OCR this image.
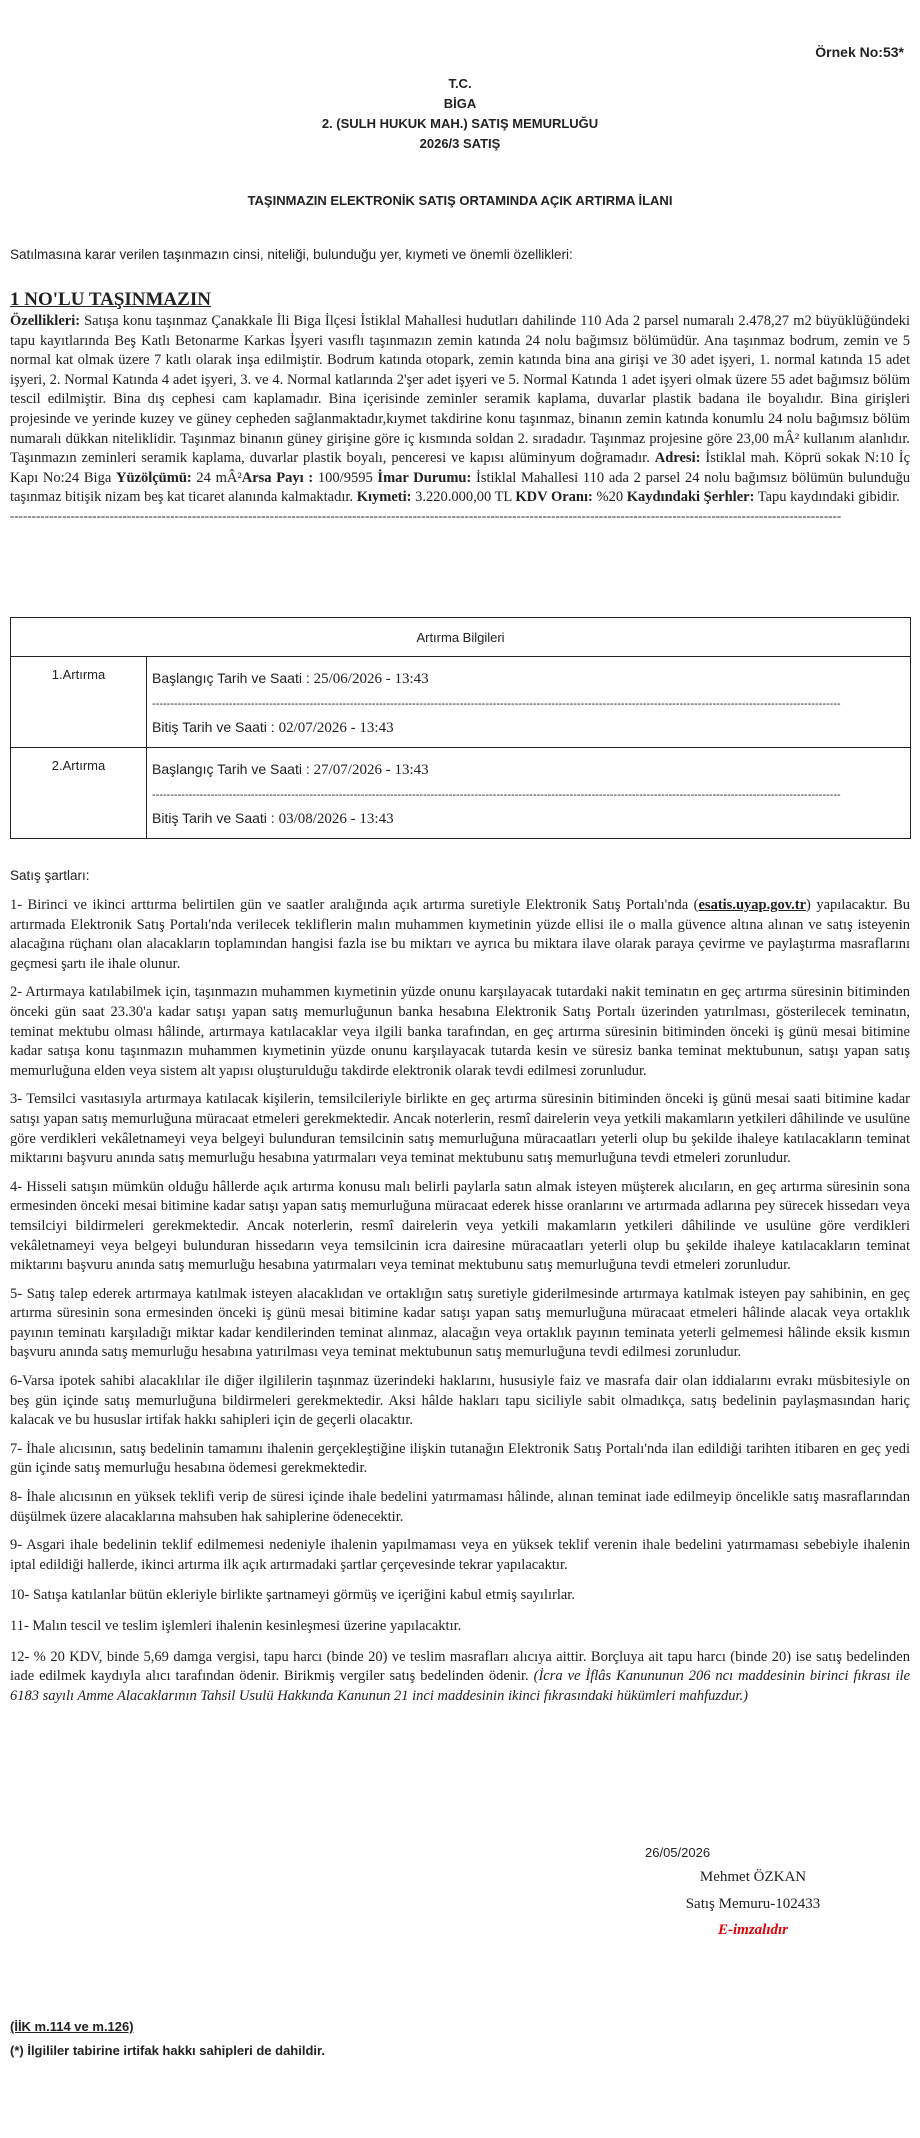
Örnek No:53*
T.C.
BİGA
2. (SULH HUKUK MAH.) SATIŞ MEMURLUĞU
2026/3 SATIŞ
TAŞINMAZIN ELEKTRONİK SATIŞ ORTAMINDA AÇIK ARTIRMA İLANI
Satılmasına karar verilen taşınmazın cinsi, niteliği, bulunduğu yer, kıymeti ve önemli özellikleri:
1 NO'LU TAŞINMAZIN

Özellikleri: Satışa konu taşınmaz Çanakkale İli Biga İlçesi İstiklal Mahallesi hudutları dahilinde 110 Ada 2 parsel numaralı 2.478,27 m2 büyüklüğündeki tapu kayıtlarında Beş Katlı Betonarme Karkas İşyeri vasıflı taşınmazın zemin katında 24 nolu bağımsız bölümüdür. Ana taşınmaz bodrum, zemin ve 5 normal kat olmak üzere 7 katlı olarak inşa edilmiştir. Bodrum katında otopark, zemin katında bina ana girişi ve 30 adet işyeri, 1. normal katında 15 adet işyeri, 2. Normal Katında 4 adet işyeri, 3. ve 4. Normal katlarında 2'şer adet işyeri ve 5. Normal Katında 1 adet işyeri olmak üzere 55 adet bağımsız bölüm tescil edilmiştir. Bina dış cephesi cam kaplamadır. Bina içerisinde zeminler seramik kaplama, duvarlar plastik badana ile boyalıdır. Bina girişleri projesinde ve yerinde kuzey ve güney cepheden sağlanmaktadır,kıymet takdirine konu taşınmaz, binanın zemin katında konumlu 24 nolu bağımsız bölüm numaralı dükkan niteliklidir. Taşınmaz binanın güney girişine göre iç kısmında soldan 2. sıradadır. Taşınmaz projesine göre 23,00 mÂ² kullanım alanlıdır. Taşınmazın zeminleri seramik kaplama, duvarlar plastik boyalı, penceresi ve kapısı alüminyum doğramadır. Adresi: İstiklal mah. Köprü sokak N:10 İç Kapı No:24 Biga Yüzölçümü: 24 mÂ²Arsa Payı : 100/9595 İmar Durumu: İstiklal Mahallesi 110 ada 2 parsel 24 nolu bağımsız bölümün bulunduğu taşınmaz bitişik nizam beş kat ticaret alanında kalmaktadır. Kıymeti: 3.220.000,00 TL KDV Oranı: %20 Kaydındaki Şerhler: Tapu kaydındaki gibidir.

------------------------------------------------------------------------------------------------------------------------------------------------------------------------------------------------
Artırma Bilgileri	
1.Artırma	Başlangıç Tarih ve Saati : 25/06/2026 - 13:43
--------------------------------------------------------------------------------------------------------------------------------------------------------------------------------------------
Bitiş Tarih ve Saati : 02/07/2026 - 13:43

2.Artırma	Başlangıç Tarih ve Saati : 27/07/2026 - 13:43
--------------------------------------------------------------------------------------------------------------------------------------------------------------------------------------------
Bitiş Tarih ve Saati : 03/08/2026 - 13:43
Satış şartları:

1- Birinci ve ikinci arttırma belirtilen gün ve saatler aralığında açık artırma suretiyle Elektronik Satış Portalı'nda (esatis.uyap.gov.tr) yapılacaktır. Bu artırmada Elektronik Satış Portalı'nda verilecek tekliflerin malın muhammen kıymetinin yüzde ellisi ile o malla güvence altına alınan ve satış isteyenin alacağına rüçhanı olan alacakların toplamından hangisi fazla ise bu miktarı ve ayrıca bu miktara ilave olarak paraya çevirme ve paylaştırma masraflarını geçmesi şartı ile ihale olunur.

2- Artırmaya katılabilmek için, taşınmazın muhammen kıymetinin yüzde onunu karşılayacak tutardaki nakit teminatın en geç artırma süresinin bitiminden önceki gün saat 23.30'a kadar satışı yapan satış memurluğunun banka hesabına Elektronik Satış Portalı üzerinden yatırılması, gösterilecek teminatın, teminat mektubu olması hâlinde, artırmaya katılacaklar veya ilgili banka tarafından, en geç artırma süresinin bitiminden önceki iş günü mesai bitimine kadar satışa konu taşınmazın muhammen kıymetinin yüzde onunu karşılayacak tutarda kesin ve süresiz banka teminat mektubunun, satışı yapan satış memurluğuna elden veya sistem alt yapısı oluşturulduğu takdirde elektronik olarak tevdi edilmesi zorunludur.

3- Temsilci vasıtasıyla artırmaya katılacak kişilerin, temsilcileriyle birlikte en geç artırma süresinin bitiminden önceki iş günü mesai saati bitimine kadar satışı yapan satış memurluğuna müracaat etmeleri gerekmektedir. Ancak noterlerin, resmî dairelerin veya yetkili makamların yetkileri dâhilinde ve usulüne göre verdikleri vekâletnameyi veya belgeyi bulunduran temsilcinin satış memurluğuna müracaatları yeterli olup bu şekilde ihaleye katılacakların teminat miktarını başvuru anında satış memurluğu hesabına yatırmaları veya teminat mektubunu satış memurluğuna tevdi etmeleri zorunludur.

4- Hisseli satışın mümkün olduğu hâllerde açık artırma konusu malı belirli paylarla satın almak isteyen müşterek alıcıların, en geç artırma süresinin sona ermesinden önceki mesai bitimine kadar satışı yapan satış memurluğuna müracaat ederek hisse oranlarını ve artırmada adlarına pey sürecek hissedarı veya temsilciyi bildirmeleri gerekmektedir. Ancak noterlerin, resmî dairelerin veya yetkili makamların yetkileri dâhilinde ve usulüne göre verdikleri vekâletnameyi veya belgeyi bulunduran hissedarın veya temsilcinin icra dairesine müracaatları yeterli olup bu şekilde ihaleye katılacakların teminat miktarını başvuru anında satış memurluğu hesabına yatırmaları veya teminat mektubunu satış memurluğuna tevdi etmeleri zorunludur.

5- Satış talep ederek artırmaya katılmak isteyen alacaklıdan ve ortaklığın satış suretiyle giderilmesinde artırmaya katılmak isteyen pay sahibinin, en geç artırma süresinin sona ermesinden önceki iş günü mesai bitimine kadar satışı yapan satış memurluğuna müracaat etmeleri hâlinde alacak veya ortaklık payının teminatı karşıladığı miktar kadar kendilerinden teminat alınmaz, alacağın veya ortaklık payının teminata yeterli gelmemesi hâlinde eksik kısmın başvuru anında satış memurluğu hesabına yatırılması veya teminat mektubunun satış memurluğuna tevdi edilmesi zorunludur.

6-Varsa ipotek sahibi alacaklılar ile diğer ilgililerin taşınmaz üzerindeki haklarını, hususiyle faiz ve masrafa dair olan iddialarını evrakı müsbitesiyle on beş gün içinde satış memurluğuna bildirmeleri gerekmektedir. Aksi hâlde hakları tapu siciliyle sabit olmadıkça, satış bedelinin paylaşmasından hariç kalacak ve bu hususlar irtifak hakkı sahipleri için de geçerli olacaktır.

7- İhale alıcısının, satış bedelinin tamamını ihalenin gerçekleştiğine ilişkin tutanağın Elektronik Satış Portalı'nda ilan edildiği tarihten itibaren en geç yedi gün içinde satış memurluğu hesabına ödemesi gerekmektedir.

8- İhale alıcısının en yüksek teklifi verip de süresi içinde ihale bedelini yatırmaması hâlinde, alınan teminat iade edilmeyip öncelikle satış masraflarından düşülmek üzere alacaklarına mahsuben hak sahiplerine ödenecektir.

9- Asgari ihale bedelinin teklif edilmemesi nedeniyle ihalenin yapılmaması veya en yüksek teklif verenin ihale bedelini yatırmaması sebebiyle ihalenin iptal edildiği hallerde, ikinci artırma ilk açık artırmadaki şartlar çerçevesinde tekrar yapılacaktır.

10- Satışa katılanlar bütün ekleriyle birlikte şartnameyi görmüş ve içeriğini kabul etmiş sayılırlar.

11- Malın tescil ve teslim işlemleri ihalenin kesinleşmesi üzerine yapılacaktır.

12- % 20 KDV, binde 5,69 damga vergisi, tapu harcı (binde 20) ve teslim masrafları alıcıya aittir. Borçluya ait tapu harcı (binde 20) ise satış bedelinden iade edilmek kaydıyla alıcı tarafından ödenir. Birikmiş vergiler satış bedelinden ödenir. (İcra ve İflâs Kanununun 206 ncı maddesinin birinci fıkrası ile 6183 sayılı Amme Alacaklarının Tahsil Usulü Hakkında Kanunun 21 inci maddesinin ikinci fıkrasındaki hükümleri mahfuzdur.)

26/05/2026
Mehmet ÖZKAN
Satış Memuru-102433
E-imzalıdır
(İİK m.114 ve m.126)
(*) İlgililer tabirine irtifak hakkı sahipleri de dahildir.
